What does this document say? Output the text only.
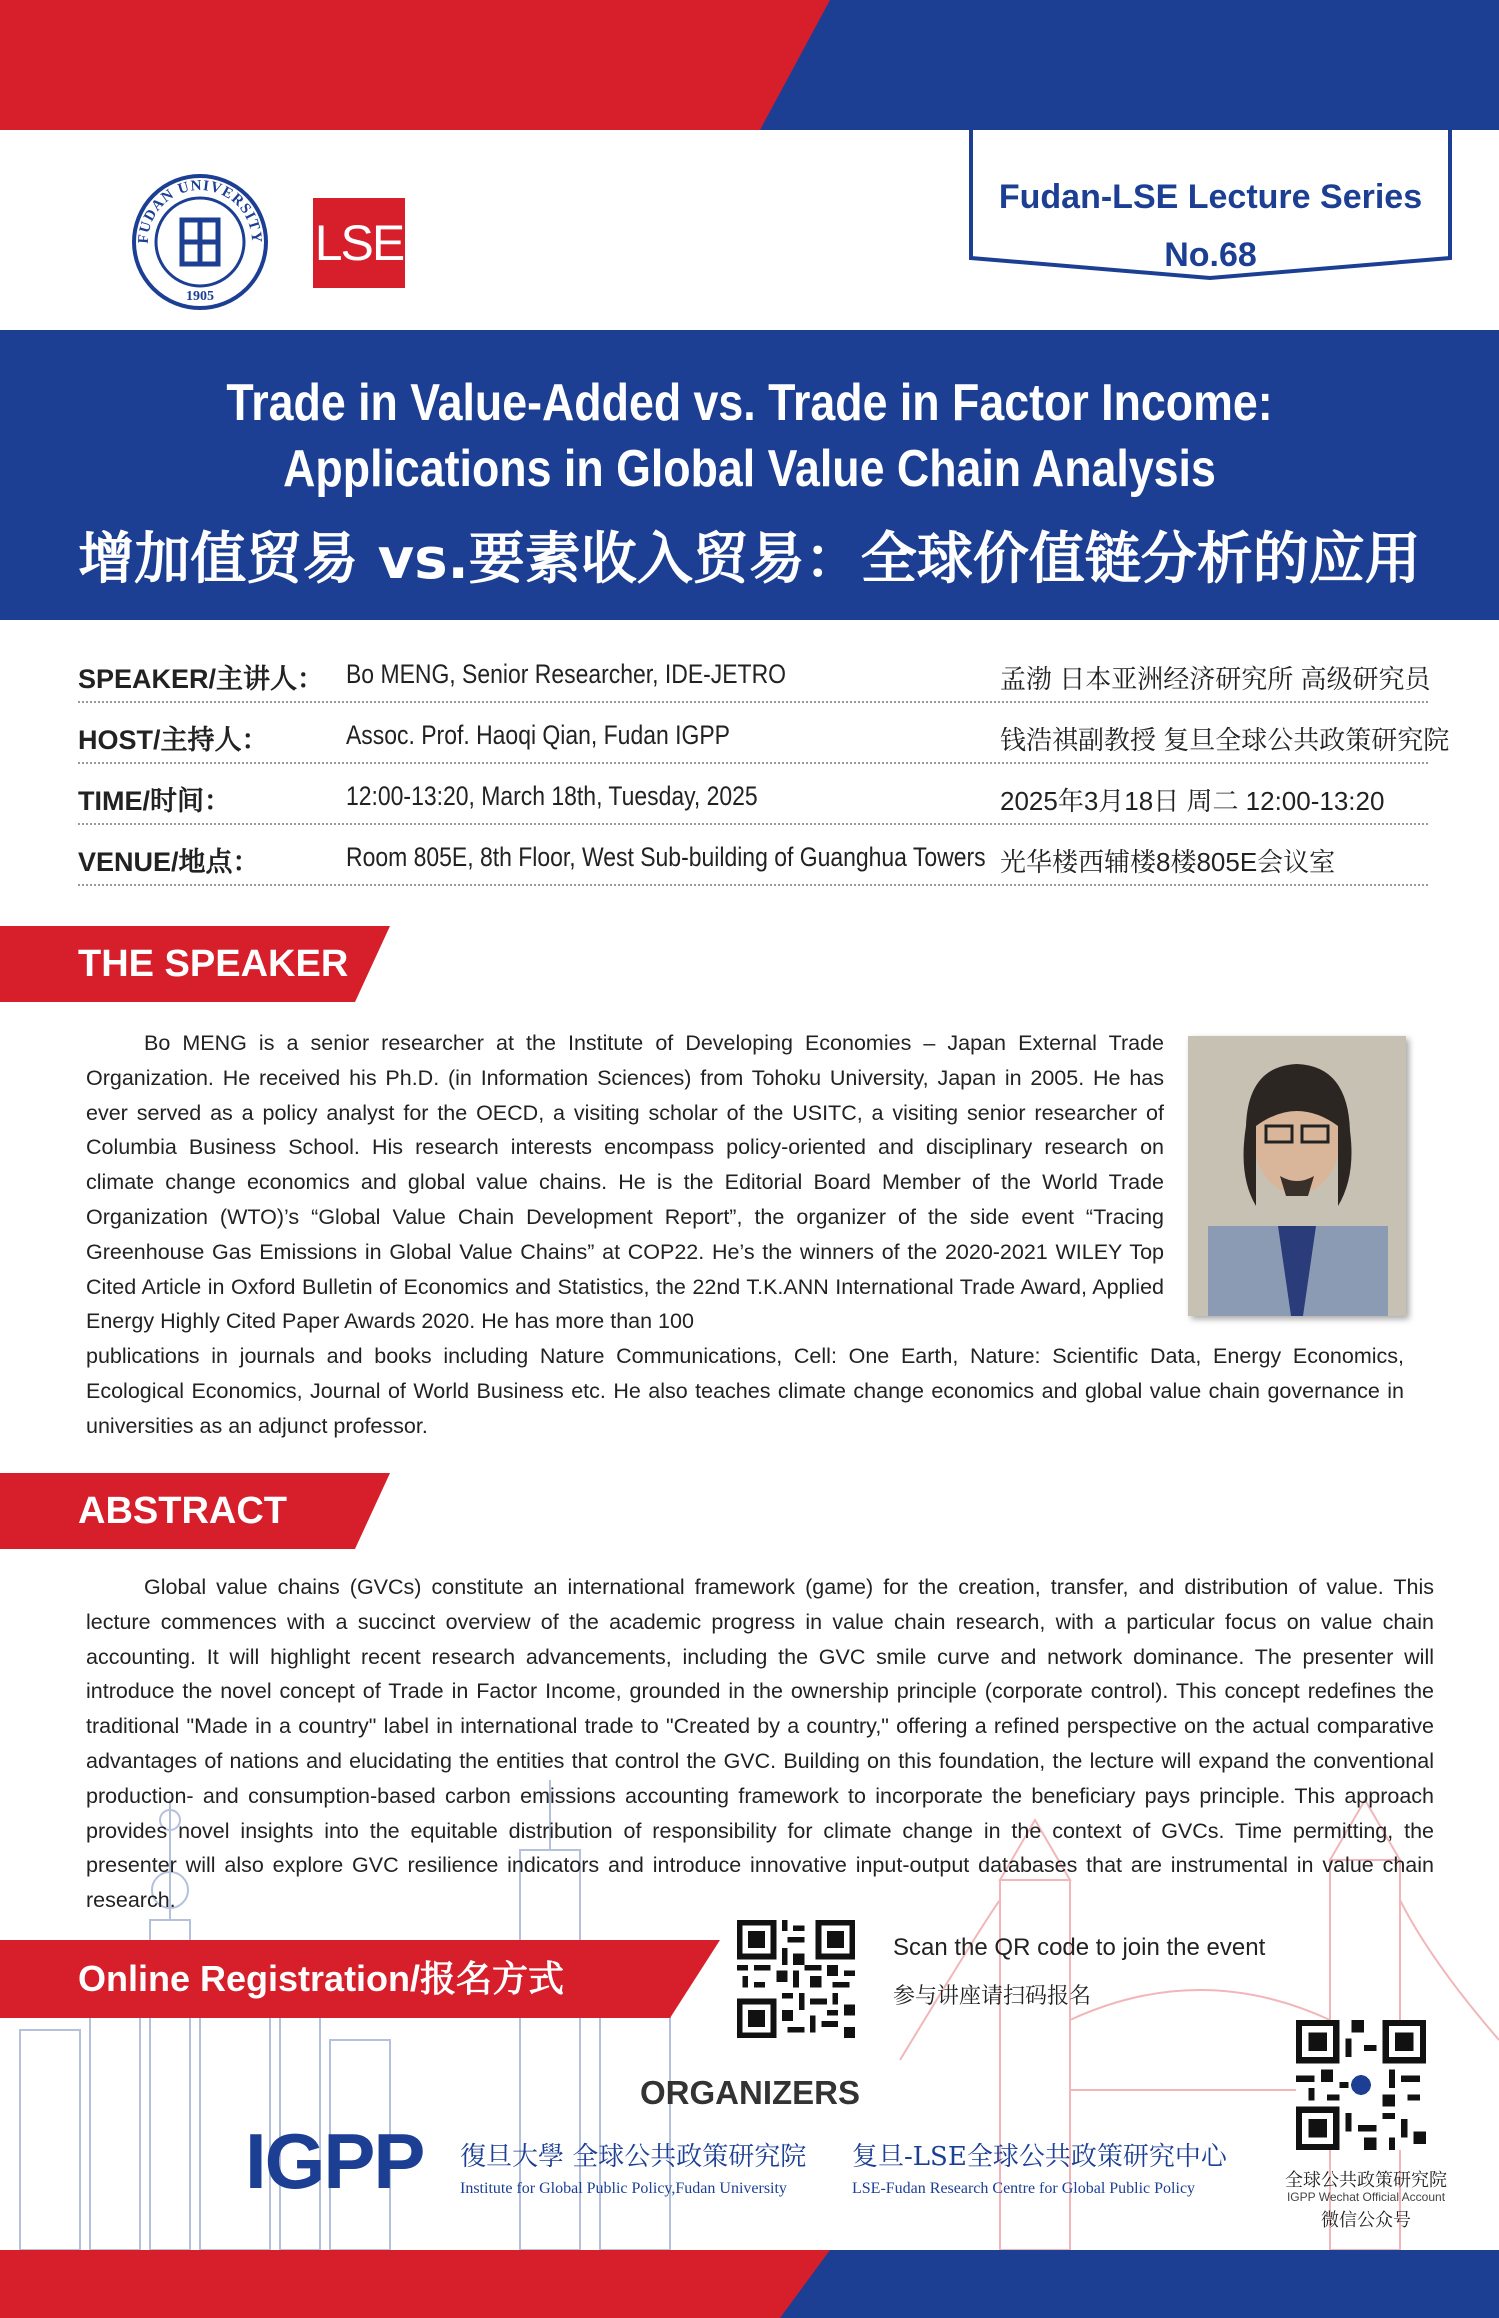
FUDAN UNIVERSITY
1905
LSE
Fudan-LSE Lecture Series
No.68
Trade in Value-Added vs. Trade in Factor Income:
Applications in Global Value Chain Analysis
增加值贸易 vs.要素收入贸易：全球价值链分析的应用
SPEAKER/主讲人： Bo MENG, Senior Researcher, IDE-JETRO	孟渤 日本亚洲经济研究所 高级研究员
HOST/主持人：	Assoc. Prof. Haoqi Qian, Fudan IGPP	钱浩祺副教授 复旦全球公共政策研究院
TIME/时间：	12:00-13:20, March 18th, Tuesday, 2025	2025年3月18日 周二 12:00-13:20
VENUE/地点：	Room 805E, 8th Floor, West Sub-building of Guanghua Towers 光华楼西辅楼8楼805E会议室
THE SPEAKER

Bo MENG is a senior researcher at the Institute of Developing Economies – Japan External Trade Organization. He received his Ph.D. (in Information Sciences) from Tohoku University, Japan in 2005. He has ever served as a policy analyst for the OECD, a visiting scholar of the USITC, a visiting senior researcher of Columbia Business School. His research interests encompass policy-oriented and disciplinary research on climate change economics and global value chains. He is the Editorial Board Member of the World Trade Organization (WTO)’s “Global Value Chain Development Report”, the organizer of the side event “Tracing Greenhouse Gas Emissions in Global Value Chains” at COP22. He’s the winners of the 2020-2021 WILEY Top Cited Article in Oxford Bulletin of Economics and Statistics, the 22nd T.K.ANN International Trade Award, Applied Energy Highly Cited Paper Awards 2020. He has more than 100

publications in journals and books including Nature Communications, Cell: One Earth, Nature: Scientific Data, Energy Economics, Ecological Economics, Journal of World Business etc. He also teaches climate change economics and global value chain governance in universities as an adjunct professor.

ABSTRACT

Global value chains (GVCs) constitute an international framework (game) for the creation, transfer, and distribution of value. This lecture commences with a succinct overview of the academic progress in value chain research, with a particular focus on value chain accounting. It will highlight recent research advancements, including the GVC smile curve and network dominance. The presenter will introduce the novel concept of Trade in Factor Income, grounded in the ownership principle (corporate control). This concept redefines the traditional "Made in a country" label in international trade to "Created by a country," offering a refined perspective on the actual comparative advantages of nations and elucidating the entities that control the GVC. Building on this foundation, the lecture will expand the conventional production- and consumption-based carbon emissions accounting framework to incorporate the beneficiary pays principle. This approach provides novel insights into the equitable distribution of responsibility for climate change in the context of GVCs. Time permitting, the presenter will also explore GVC resilience indicators and introduce innovative input-output databases that are instrumental in value chain research.

Online Registration/报名方式
Scan the QR code to join the event
参与讲座请扫码报名
ORGANIZERS
IGPP 復旦大學 全球公共政策研究院
Institute for Global Public Policy,Fudan University
复旦-LSE全球公共政策研究中心
LSE-Fudan Research Centre for Global Public Policy	全球公共政策研究院
IGPP Wechat Official Account
微信公众号
